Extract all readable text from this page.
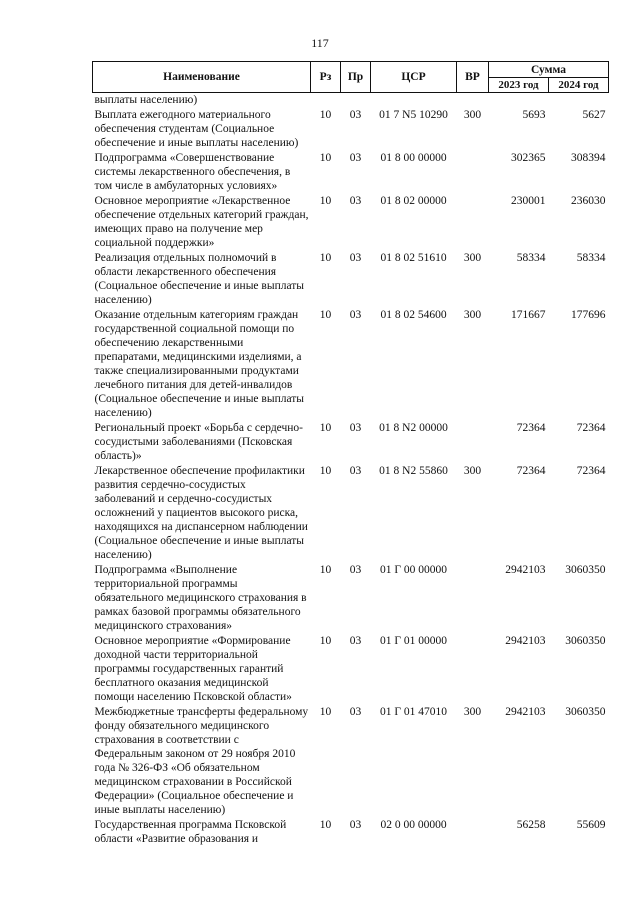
117
Наименование	Рз	Пр	ЦСР	ВР	Сумма	
					2023 год	2024 год
выплаты населению)						
Выплата ежегодного материального обеспечения студентам (Социальное обеспечение и иные выплаты населению)	10	03	01 7 N5 10290	300	5693	5627
Подпрограмма «Совершенствование системы лекарственного обеспечения, в том числе в амбулаторных условиях»	10	03	01 8 00 00000		302365	308394
Основное мероприятие «Лекарственное обеспечение отдельных категорий граждан, имеющих право на получение мер социальной поддержки»	10	03	01 8 02 00000		230001	236030
Реализация отдельных полномочий в области лекарственного обеспечения (Социальное обеспечение и иные выплаты населению)	10	03	01 8 02 51610	300	58334	58334
Оказание отдельным категориям граждан государственной социальной помощи по обеспечению лекарственными препаратами, медицинскими изделиями, а также специализированными продуктами лечебного питания для детей-инвалидов (Социальное обеспечение и иные выплаты населению)	10	03	01 8 02 54600	300	171667	177696
Региональный проект «Борьба с сердечно-сосудистыми заболеваниями (Псковская область)»	10	03	01 8 N2 00000		72364	72364
Лекарственное обеспечение профилактики развития сердечно-сосудистых заболеваний и сердечно-сосудистых осложнений у пациентов высокого риска, находящихся на диспансерном наблюдении (Социальное обеспечение и иные выплаты населению)	10	03	01 8 N2 55860	300	72364	72364
Подпрограмма «Выполнение территориальной программы обязательного медицинского страхования в рамках базовой программы обязательного медицинского страхования»	10	03	01 Г 00 00000		2942103	3060350
Основное мероприятие «Формирование доходной части территориальной программы государственных гарантий бесплатного оказания медицинской помощи населению Псковской области»	10	03	01 Г 01 00000		2942103	3060350
Межбюджетные трансферты федеральному фонду обязательного медицинского страхования в соответствии с Федеральным законом от 29 ноября 2010 года № 326-ФЗ «Об обязательном медицинском страховании в Российской Федерации» (Социальное обеспечение и иные выплаты населению)	10	03	01 Г 01 47010	300	2942103	3060350
Государственная программа Псковской области «Развитие образования и	10	03	02 0 00 00000		56258	55609
